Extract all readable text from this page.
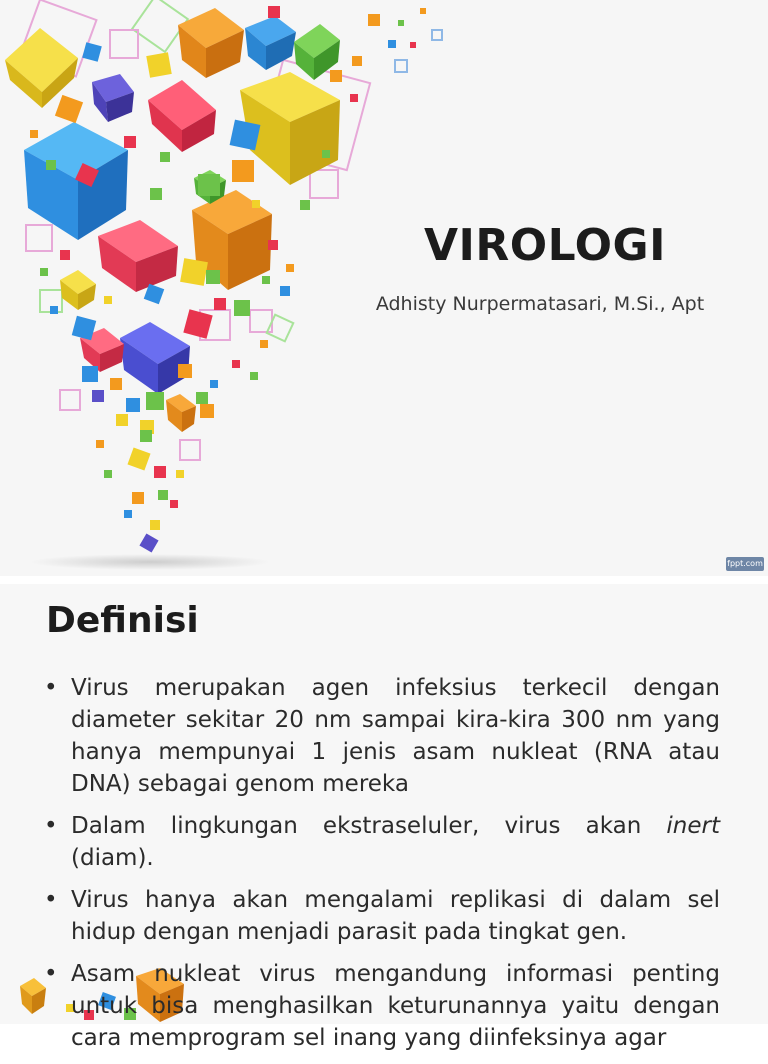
VIROLOGI
Adhisty Nurpermatasari, M.Si., Apt
fppt.com
Definisi
• Virus merupakan agen infeksius terkecil dengan diameter sekitar 20 nm sampai kira-kira 300 nm yang hanya mempunyai 1 jenis asam nukleat (RNA atau DNA) sebagai genom mereka
• Dalam lingkungan ekstraseluler, virus akan inert (diam).
• Virus hanya akan mengalami replikasi di dalam sel hidup dengan menjadi parasit pada tingkat gen.
• Asam nukleat virus mengandung informasi penting untuk bisa menghasilkan keturunannya yaitu dengan cara memprogram sel inang yang diinfeksinya agar
